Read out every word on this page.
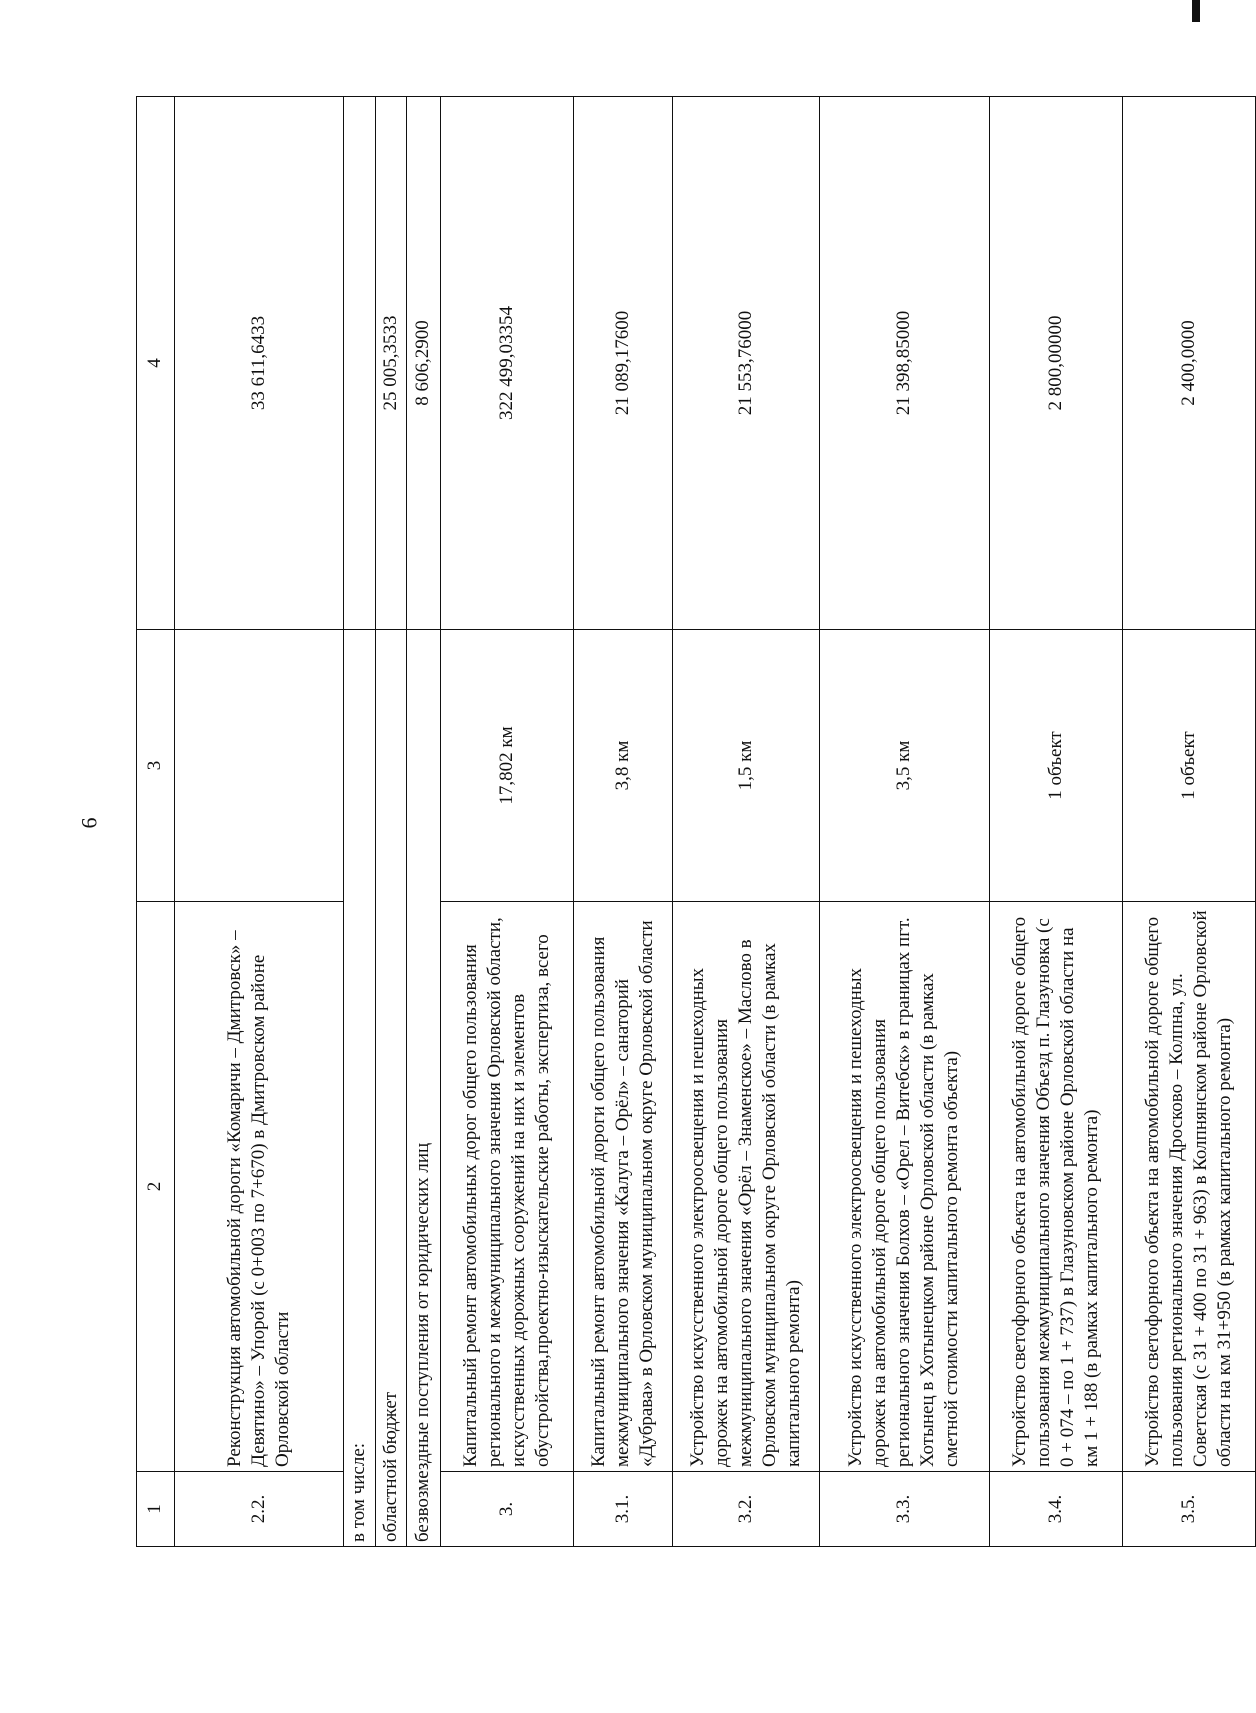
6
1	2	3	4
2.2.	Реконструкция автомобильной дороги «Комаричи – Дмитровск» – Девятино» – Упорой (с 0+003 по 7+670) в Дмитровском районе Орловской области		33 611,6433
в том числе:			
областной бюджет			25 005,3533
безвозмездные поступления от юридических лиц			8 606,2900
3.	Капитальный ремонт автомобильных дорог общего пользования регионального и межмуниципального значения Орловской области, искусственных дорожных сооружений на них и элементов обустройства,проектно-изыскательские работы, экспертиза, всего	17,802 км	322 499,03354
3.1.	Капитальный ремонт автомобильной дороги общего пользования межмуниципального значения «Калуга – Орёл» – санаторий «Дубрава» в Орловском муниципальном округе Орловской области	3,8 км	21 089,17600
3.2.	Устройство искусственного электроосвещения и пешеходных дорожек на автомобильной дороге общего пользования межмуниципального значения «Орёл – Знаменское» – Маслово в Орловском муниципальном округе Орловской области (в рамках капитального ремонта)	1,5 км	21 553,76000
3.3.	Устройство искусственного электроосвещения и пешеходных дорожек на автомобильной дороге общего пользования регионального значения Болхов – «Орел – Витебск» в границах пгт. Хотынец в Хотынецком районе Орловской области (в рамках сметной стоимости капитального ремонта объекта)	3,5 км	21 398,85000
3.4.	Устройство светофорного объекта на автомобильной дороге общего пользования межмуниципального значения Объезд п. Глазуновка (с 0 + 074 – по 1 + 737) в Глазуновском районе Орловской области на км 1 + 188 (в рамках капитального ремонта)	1 объект	2 800,00000
3.5.	Устройство светофорного объекта на автомобильной дороге общего пользования регионального значения Дросково – Колпна, ул. Советская (с 31 + 400 по 31 + 963) в Колпнянском районе Орловской области на км 31+950 (в рамках капитального ремонта)	1 объект	2 400,0000
